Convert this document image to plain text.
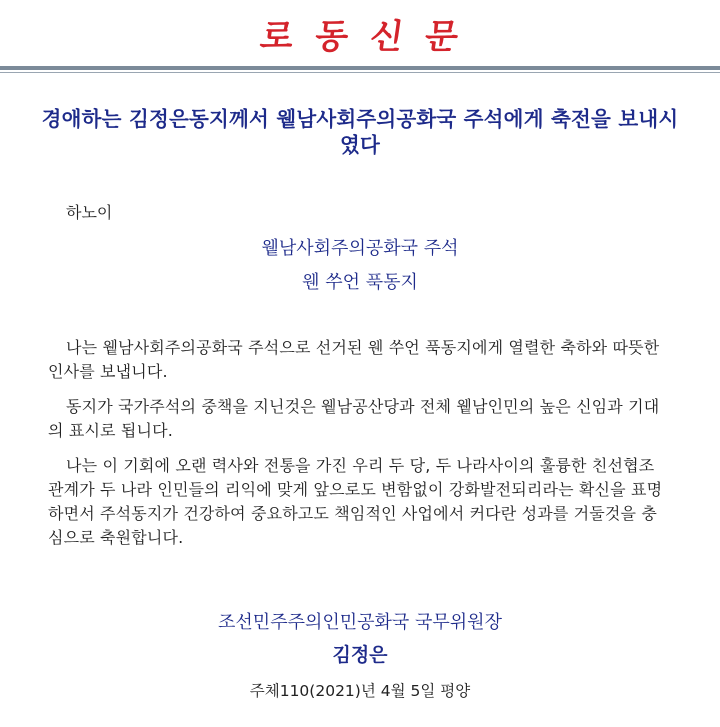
로동신문
경애하는 김정은동지께서 윁남사회주의공화국 주석에게 축전을 보내시였다
하노이
윁남사회주의공화국 주석
웬 쑤언 푹동지

나는 윁남사회주의공화국 주석으로 선거된 웬 쑤언 푹동지에게 열렬한 축하와 따뜻한 인사를 보냅니다.

동지가 국가주석의 중책을 지닌것은 윁남공산당과 전체 윁남인민의 높은 신임과 기대의 표시로 됩니다.

나는 이 기회에 오랜 력사와 전통을 가진 우리 두 당, 두 나라사이의 훌륭한 친선협조관계가 두 나라 인민들의 리익에 맞게 앞으로도 변함없이 강화발전되리라는 확신을 표명하면서 주석동지가 건강하여 중요하고도 책임적인 사업에서 커다란 성과를 거둘것을 충심으로 축원합니다.

조선민주주의인민공화국 국무위원장
김정은
주체110(2021)년 4월 5일 평양
